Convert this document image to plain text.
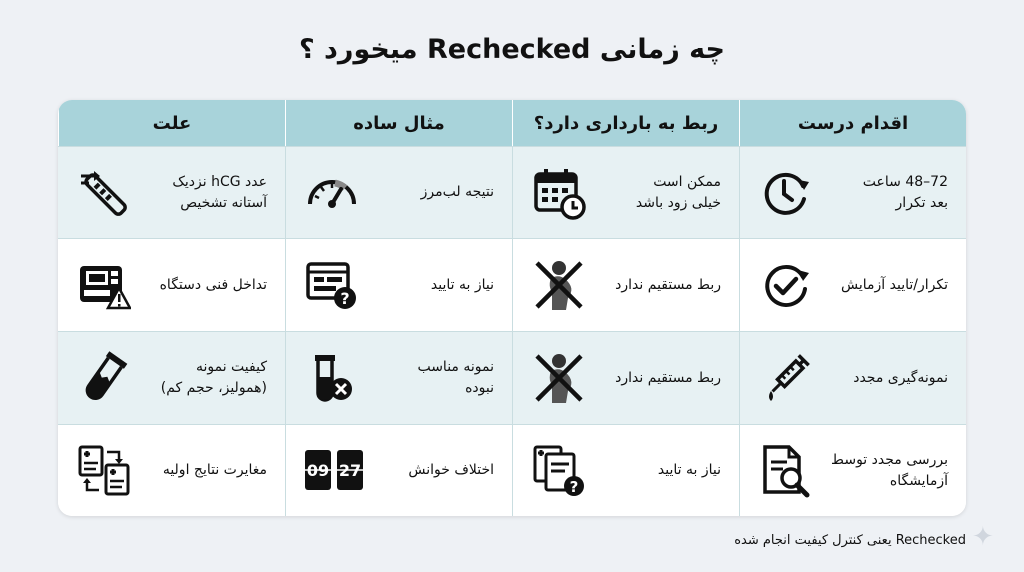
چه زمانی Rechecked میخورد ؟
اقدام درست
ربط به بارداری دارد؟
مثال ساده
علت
72–48 ساعت
بعد تکرار
ممکن است
خیلی زود باشد
نتیجه لب‌مرز
عدد hCG نزدیک
آستانه تشخیص
تکرار/تایید آزمایش
ربط مستقیم ندارد
نیاز به تایید
?
تداخل فنی دستگاه
نمونه‌گیری مجدد
ربط مستقیم ندارد
نمونه مناسب
نبوده
کیفیت نمونه
(همولیز، حجم کم)
بررسی مجدد توسط
آزمایشگاه
نیاز به تایید
?
اختلاف خوانش
09 27
مغایرت نتایج اولیه
Rechecked یعنی کنترل کیفیت انجام شده ✦
